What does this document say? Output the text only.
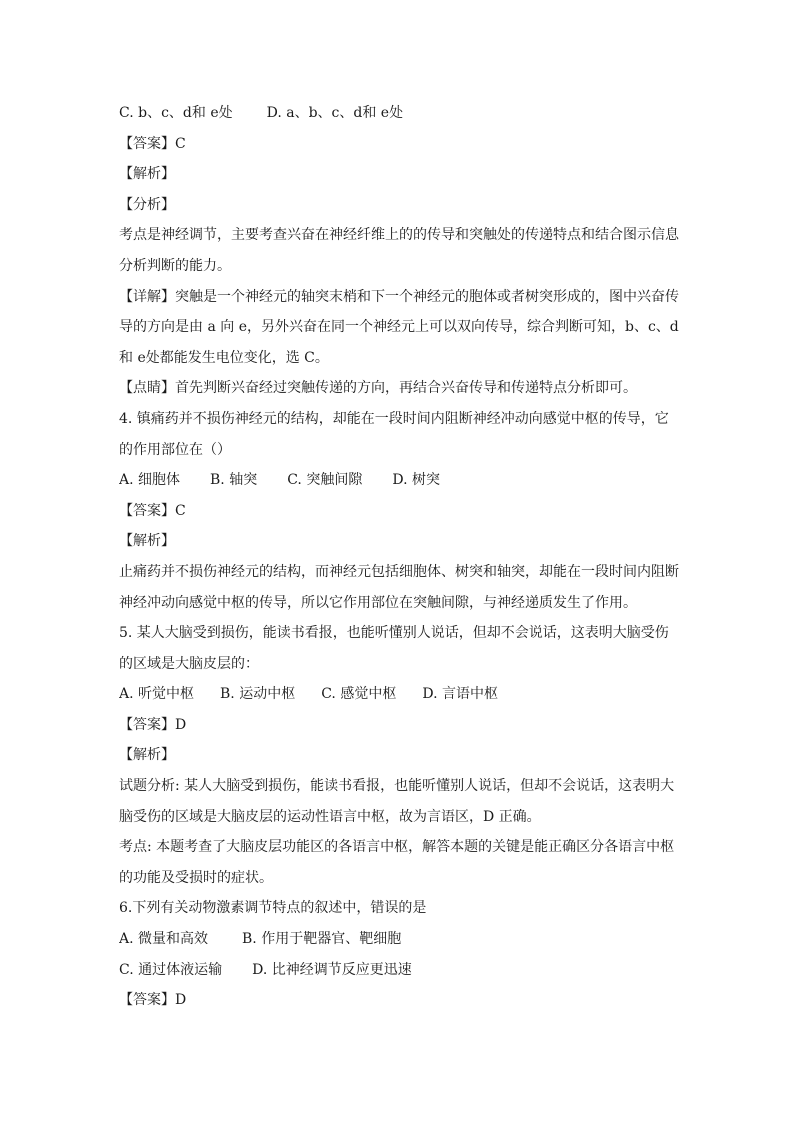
C. b、c、d和 e处 D. a、b、c、d和 e处
【答案】C
【解析】
【分析】
考点是神经调节，主要考查兴奋在神经纤维上的的传导和突触处的传递特点和结合图示信息
分析判断的能力。
【详解】突触是一个神经元的轴突末梢和下一个神经元的胞体或者树突形成的，图中兴奋传
导的方向是由 a 向 e，另外兴奋在同一个神经元上可以双向传导，综合判断可知，b、c、d
和 e处都能发生电位变化，选 C。
【点睛】首先判断兴奋经过突触传递的方向，再结合兴奋传导和传递特点分析即可。
4. 镇痛药并不损伤神经元的结构，却能在一段时间内阻断神经冲动向感觉中枢的传导，它
的作用部位在（）
A. 细胞体 B. 轴突 C. 突触间隙 D. 树突
【答案】C
【解析】
止痛药并不损伤神经元的结构，而神经元包括细胞体、树突和轴突，却能在一段时间内阻断
神经冲动向感觉中枢的传导，所以它作用部位在突触间隙，与神经递质发生了作用。
5. 某人大脑受到损伤，能读书看报，也能听懂别人说话，但却不会说话，这表明大脑受伤
的区域是大脑皮层的：
A. 听觉中枢 B. 运动中枢 C. 感觉中枢 D. 言语中枢
【答案】D
【解析】
试题分析: 某人大脑受到损伤，能读书看报，也能听懂别人说话，但却不会说话，这表明大
脑受伤的区域是大脑皮层的运动性语言中枢，故为言语区，D 正确。
考点: 本题考查了大脑皮层功能区的各语言中枢，解答本题的关键是能正确区分各语言中枢
的功能及受损时的症状。
6.下列有关动物激素调节特点的叙述中，错误的是
A. 微量和高效 B. 作用于靶器官、靶细胞
C. 通过体液运输 D. 比神经调节反应更迅速
【答案】D
